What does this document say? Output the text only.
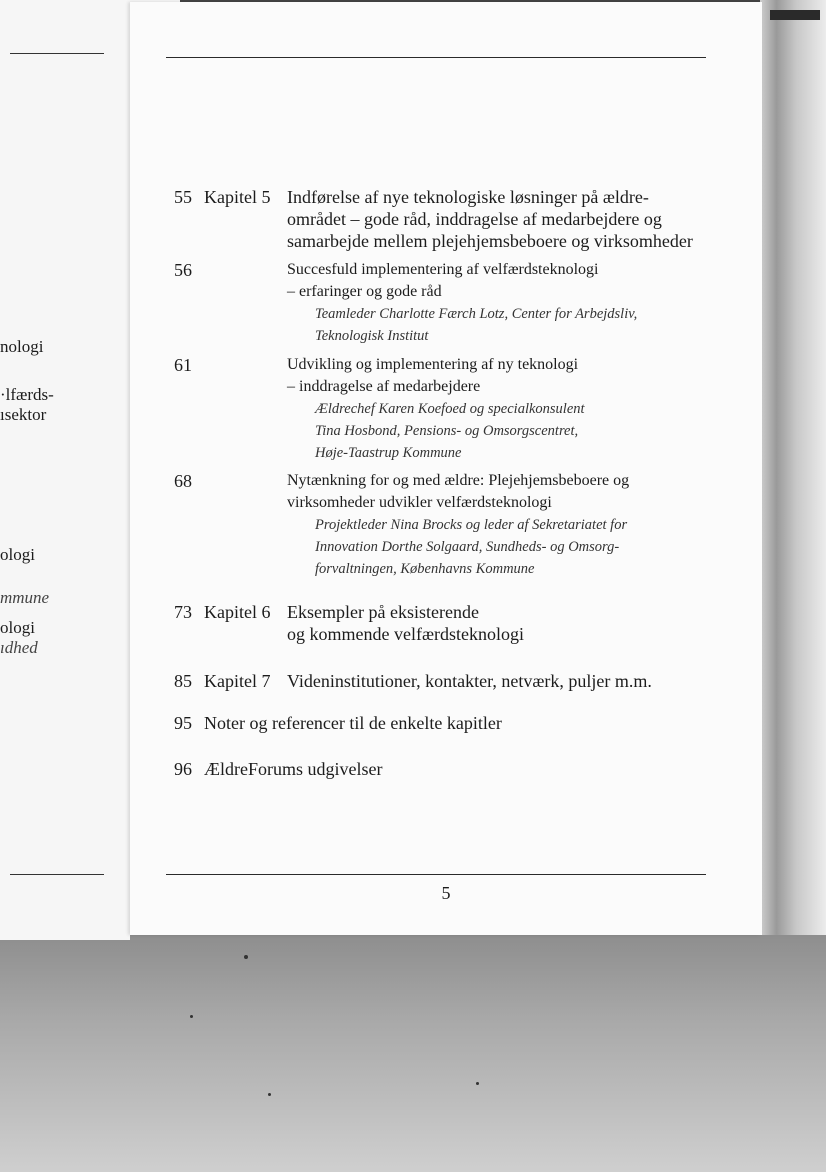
nologi
·lfærds-
ısektor
ologi
mmune
ologi
ıdhed
55 Kapitel 5 Indførelse af nye teknologiske løsninger på ældre-
området – gode råd, inddragelse af medarbejdere og
samarbejde mellem plejehjemsbeboere og virksomheder
56	Succesfuld implementering af velfærdsteknologi
– erfaringer og gode råd
Teamleder Charlotte Færch Lotz, Center for Arbejdsliv,
Teknologisk Institut
61	Udvikling og implementering af ny teknologi
– inddragelse af medarbejdere
Ældrechef Karen Koefoed og specialkonsulent
Tina Hosbond, Pensions- og Omsorgscentret,
Høje-Taastrup Kommune
68	Nytænkning for og med ældre: Plejehjemsbeboere og
virksomheder udvikler velfærdsteknologi
Projektleder Nina Brocks og leder af Sekretariatet for
Innovation Dorthe Solgaard, Sundheds- og Omsorg-
forvaltningen, Københavns Kommune
73 Kapitel 6 Eksempler på eksisterende
og kommende velfærdsteknologi
85 Kapitel 7 Videninstitutioner, kontakter, netværk, puljer m.m.
95 Noter og referencer til de enkelte kapitler
96 ÆldreForums udgivelser
5
